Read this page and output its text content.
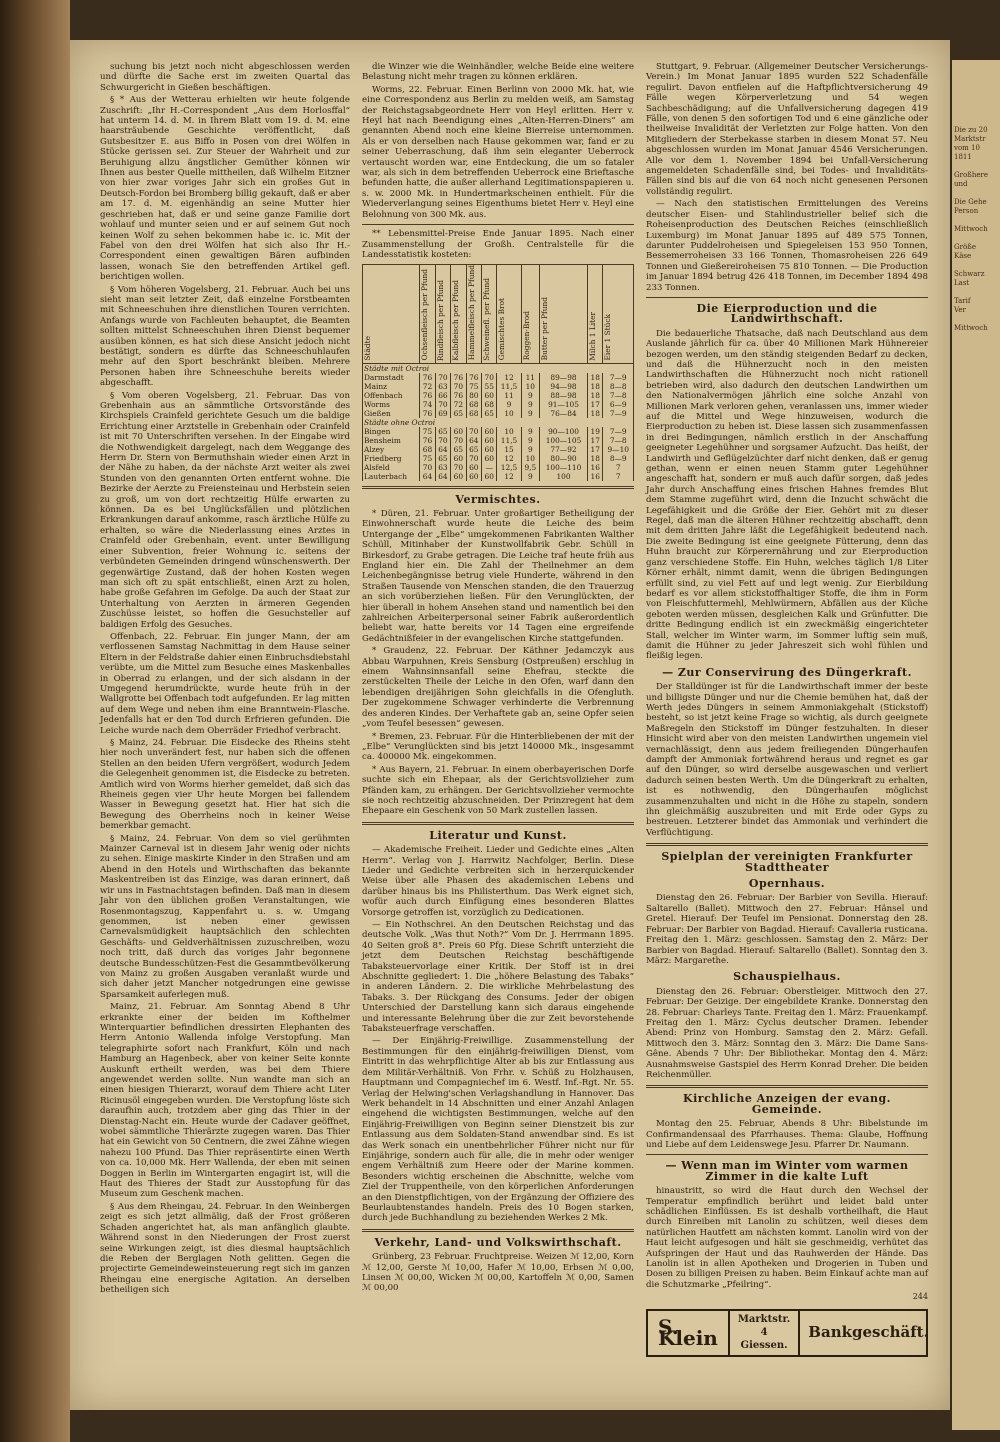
Die zu 20
Marktstr
vom 10
1811

Großhere
und

Die Gehe
Person

Mittwoch

Größe
Käse

Schwarz
Last

Tarif
Ver

Mittwoch

suchung bis jetzt noch nicht abgeschlossen werden und dürfte die Sache erst im zweiten Quartal das Schwurgericht in Gießen beschäftigen.

§ * Aus der Wetterau erhielten wir heute folgende Zuschrift: „Ihr H.-Correspondent „Aus dem Horlosffal“ hat unterm 14. d. M. in Ihrem Blatt vom 19. d. M. eine haarsträubende Geschichte veröffentlicht, daß Gutsbesitzer E. aus Biffo in Posen von drei Wölfen in Stücke gerissen sei. Zur Steuer der Wahrheit und zur Beruhigung allzu ängstlicher Gemüther können wir Ihnen aus bester Quelle mittheilen, daß Wilhelm Eitzner von hier zwar voriges Jahr sich ein großes Gut in Deutsch-Fordon bei Bromberg billig gekauft, daß er aber am 17. d. M. eigenhändig an seine Mutter hier geschrieben hat, daß er und seine ganze Familie dort wohlauf und munter seien und er auf seinem Gut noch keinen Wolf zu sehen bekommen habe ic. ic. Mit der Fabel von den drei Wölfen hat sich also Ihr H.-Correspondent einen gewaltigen Bären aufbinden lassen, wonach Sie den betreffenden Artikel gefl. berichtigen wollen.

§ Vom höheren Vogelsberg, 21. Februar. Auch bei uns sieht man seit letzter Zeit, daß einzelne Forstbeamten mit Schneeschuhen ihre dienstlichen Touren verrichten. Anfangs wurde von Fachleuten behauptet, die Beamten sollten mittelst Schneeschuhen ihren Dienst bequemer ausüben können, es hat sich diese Ansicht jedoch nicht bestätigt, sondern es dürfte das Schneeschuhlaufen mehr auf den Sport beschränkt bleiben. Mehrere Personen haben ihre Schneeschuhe bereits wieder abgeschafft.

§ Vom oberen Vogelsberg, 21. Februar. Das von Grebenhain aus an sämmtliche Ortsvorstände des Kirchspiels Crainfeld gerichtete Gesuch um die baldige Errichtung einer Arztstelle in Grebenhain oder Crainfeld ist mit 70 Unterschriften versehen. In der Eingabe wird die Nothwendigkeit dargelegt, nach dem Weggange des Herrn Dr. Stern von Bermuthshain wieder einen Arzt in der Nähe zu haben, da der nächste Arzt weiter als zwei Stunden von den genannten Orten entfernt wohne. Die Bezirke der Aerzte zu Freiensteinau und Herbstein seien zu groß, um von dort rechtzeitig Hülfe erwarten zu können. Da es bei Unglücksfällen und plötzlichen Erkrankungen darauf ankomme, rasch ärztliche Hülfe zu erhalten, so wäre die Niederlassung eines Arztes in Crainfeld oder Grebenhain, event. unter Bewilligung einer Subvention, freier Wohnung ic. seitens der verbündeten Gemeinden dringend wünschenswerth. Der gegenwärtige Zustand, daß der hohen Kosten wegen man sich oft zu spät entschließt, einen Arzt zu holen, habe große Gefahren im Gefolge. Da auch der Staat zur Unterhaltung von Aerzten in ärmeren Gegenden Zuschüsse leistet, so hoffen die Gesuchsteller auf baldigen Erfolg des Gesuches.

Offenbach, 22. Februar. Ein junger Mann, der am verflossenen Samstag Nachmittag in dem Hause seiner Eltern in der Feldstraße dahier einen Einbruchsdiebstahl verübte, um die Mittel zum Besuche eines Maskenballes in Oberrad zu erlangen, und der sich alsdann in der Umgegend herumdrückte, wurde heute früh in der Wallgrotte bei Offenbach todt aufgefunden. Er lag mitten auf dem Wege und neben ihm eine Branntwein-Flasche. Jedenfalls hat er den Tod durch Erfrieren gefunden. Die Leiche wurde nach dem Oberräder Friedhof verbracht.

§ Mainz, 24. Februar. Die Eisdecke des Rheins steht hier noch unverändert fest, nur haben sich die offenen Stellen an den beiden Ufern vergrößert, wodurch Jedem die Gelegenheit genommen ist, die Eisdecke zu betreten. Amtlich wird von Worms hierher gemeldet, daß sich das Rheineis gegen vier Uhr heute Morgen bei fallendem Wasser in Bewegung gesetzt hat. Hier hat sich die Bewegung des Oberrheins noch in keiner Weise bemerkbar gemacht.

§ Mainz, 24. Februar. Von dem so viel gerühmten Mainzer Carneval ist in diesem Jahr wenig oder nichts zu sehen. Einige maskirte Kinder in den Straßen und am Abend in den Hotels und Wirthschaften das bekannte Maskentreiben ist das Einzige, was daran erinnert, daß wir uns in Fastnachtstagen befinden. Daß man in diesem Jahr von den üblichen großen Veranstaltungen, wie Rosenmontagszug, Kappenfahrt u. s. w. Umgang genommen, ist neben einer gewissen Carnevalsmüdigkeit hauptsächlich den schlechten Geschäfts- und Geldverhältnissen zuzuschreiben, wozu noch tritt, daß durch das voriges Jahr begonnene deutsche Bundesschützen-Fest die Gesammtbevölkerung von Mainz zu großen Ausgaben veranlaßt wurde und sich daher jetzt Mancher notgedrungen eine gewisse Sparsamkeit auferlegen muß.

Mainz, 21. Februar. Am Sonntag Abend 8 Uhr erkrankte einer der beiden im Kofthelmer Winterquartier befindlichen dressirten Elephanten des Herrn Antonio Wallenda infolge Verstopfung. Man telegraphirte sofort nach Frankfurt, Köln und nach Hamburg an Hagenbeck, aber von keiner Seite konnte Auskunft ertheilt werden, was bei dem Thiere angewendet werden sollte. Nun wandte man sich an einen hiesigen Thierarzt, worauf dem Thiere acht Liter Ricinusöl eingegeben wurden. Die Verstopfung löste sich daraufhin auch, trotzdem aber ging das Thier in der Dienstag-Nacht ein. Heute wurde der Cadaver geöffnet, wobei sämmtliche Thierärzte zugegen waren. Das Thier hat ein Gewicht von 50 Centnern, die zwei Zähne wiegen nahezu 100 Pfund. Das Thier repräsentirte einen Werth von ca. 10,000 Mk. Herr Wallenda, der eben mit seinen Doggen in Berlin im Wintergarten engagirt ist, will die Haut des Thieres der Stadt zur Ausstopfung für das Museum zum Geschenk machen.

§ Aus dem Rheingau, 24. Februar. In den Weinbergen zeigt es sich jetzt allmälig, daß der Frost größeren Schaden angerichtet hat, als man anfänglich glaubte. Während sonst in den Niederungen der Frost zuerst seine Wirkungen zeigt, ist dies diesmal hauptsächlich die Reben der Berglagen Noth gelitten. Gegen die projectirte Gemeindeweinsteuerung regt sich im ganzen Rheingau eine energische Agitation. An derselben betheiligen sich

die Winzer wie die Weinhändler, welche Beide eine weitere Belastung nicht mehr tragen zu können erklären.

Worms, 22. Februar. Einen Berlinn von 2000 Mk. hat, wie eine Correspondenz aus Berlin zu melden weiß, am Samstag der Reichstagsabgeordnete Herr von Heyl erlitten. Herr v. Heyl hat nach Beendigung eines „Alten-Herren-Diners“ am genannten Abend noch eine kleine Bierreise unternommen. Als er von derselben nach Hause gekommen war, fand er zu seiner Ueberraschung, daß ihm sein eleganter Ueberrock vertauscht worden war, eine Entdeckung, die um so fataler war, als sich in dem betreffenden Ueberrock eine Brieftasche befunden hatte, die außer allerhand Legitimationspapieren u. s. w. 2000 Mk. in Hundertmarkscheinen enthielt. Für die Wiederverlangung seines Eigenthums bietet Herr v. Heyl eine Belohnung von 300 Mk. aus.

** Lebensmittel-Preise Ende Januar 1895. Nach einer Zusammenstellung der Großh. Centralstelle für die Landesstatistik kosteten:

Städte	Ochsenfleisch per Pfund	Rindfleisch per Pfund	Kalbfleisch per Pfund	Hammelfleisch per Pfund	Schweinefl. per Pfund	Gemischtes Brot	Roggen-Brod	Butter per Pfund	Milch 1 Liter	Eier 1 Stück
Städte mit Octroi										
Darmstadt	76	70	76	76	70	12	11	89—98	18	7—9
Mainz	72	63	70	75	55	11,5	10	94—98	18	8—8
Offenbach	76	66	76	80	60	11	9	88—98	18	7—8
Worms	74	70	72	68	68	9	9	91—105	17	6—9
Gießen	76	69	65	68	65	10	9	76—84	18	7—9
Städte ohne Octroi										
Bingen	75	65	60	70	60	10	9	90—100	19	7—9
Bensheim	76	70	70	64	60	11,5	9	100—105	17	7—8
Alzey	68	64	65	65	60	15	9	77—92	17	9—10
Friedberg	75	65	60	70	60	12	10	80—90	18	8—9
Alsfeld	70	63	70	60	—	12,5	9,5	100—110	16	7
Lauterbach	64	64	60	60	60	12	9	100	16	7
Vermischtes.

* Düren, 21. Februar. Unter großartiger Betheiligung der Einwohnerschaft wurde heute die Leiche des beim Untergange der „Elbe“ umgekommenen Fabrikanten Walther Schüll, Mitinhaber der Kunstwollfabrik Gebr. Schüll in Birkesdorf, zu Grabe getragen. Die Leiche traf heute früh aus England hier ein. Die Zahl der Theilnehmer an dem Leichenbegängnisse betrug viele Hunderte, während in den Straßen Tausende von Menschen standen, die den Trauerzug an sich vorüberziehen ließen. Für den Verunglückten, der hier überall in hohem Ansehen stand und namentlich bei den zahlreichen Arbeiterpersonal seiner Fabrik außerordentlich beliebt war, hatte bereits vor 14 Tagen eine ergreifende Gedächtnißfeier in der evangelischen Kirche stattgefunden.

* Graudenz, 22. Februar. Der Käthner Jedamczyk aus Abbau Warpuhnen, Kreis Sensburg (Ostpreußen) erschlug in einem Wahnsinnsanfall seine Ehefrau, steckte die zerstückelten Theile der Leiche in den Ofen, warf dann den lebendigen dreijährigen Sohn gleichfalls in die Ofengluth. Der zugekommene Schwager verhinderte die Verbrennung des anderen Kindes. Der Verhaftete gab an, seine Opfer seien „vom Teufel besessen“ gewesen.

* Bremen, 23. Februar. Für die Hinterbliebenen der mit der „Elbe“ Verunglückten sind bis jetzt 140000 Mk., insgesammt ca. 400000 Mk. eingekommen.

* Aus Bayern, 21. Februar. In einem oberbayerischen Dorfe suchte sich ein Ehepaar, als der Gerichtsvollzieher zum Pfänden kam, zu erhängen. Der Gerichtsvollzieher vermochte sie noch rechtzeitig abzuschneiden. Der Prinzregent hat dem Ehepaare ein Geschenk von 50 Mark zustellen lassen.

Literatur und Kunst.

— Akademische Freiheit. Lieder und Gedichte eines „Alten Herrn“. Verlag von J. Harrwitz Nachfolger, Berlin. Diese Lieder und Gedichte verbreiten sich in herzerquickender Weise über alle Phasen des akademischen Lebens und darüber hinaus bis ins Philisterthum. Das Werk eignet sich, wofür auch durch Einfügung eines besonderen Blattes Vorsorge getroffen ist, vorzüglich zu Dedicationen.

— Ein Nothschrei. An den Deutschen Reichstag und das deutsche Volk. „Was thut Noth?“ Vom Dr. J. Herrmann 1895. 40 Seiten groß 8°. Preis 60 Pfg. Diese Schrift unterzieht die jetzt dem Deutschen Reichstag beschäftigende Tabaksteuervorlage einer Kritik. Der Stoff ist in drei Abschnitte gegliedert: 1. Die „höhere Belastung des Tabaks“ in anderen Ländern. 2. Die wirkliche Mehrbelastung des Tabaks. 3. Der Rückgang des Consums. Jeder der obigen Unterschied der Darstellung kann sich daraus eingehende und interessante Belehrung über die zur Zeit bevorstehende Tabaksteuerfrage verschaffen.

— Der Einjährig-Freiwillige. Zusammenstellung der Bestimmungen für den einjährig-freiwilligen Dienst, vom Eintritt in das wehrpflichtige Alter ab bis zur Entlassung aus dem Militär-Verhältniß. Von Frhr. v. Schüß zu Holzhausen, Hauptmann und Compagniechef im 6. Westf. Inf.-Rgt. Nr. 55. Verlag der Helwing'schen Verlagshandlung in Hannover. Das Werk behandelt in 14 Abschnitten und einer Anzahl Anlagen eingehend die wichtigsten Bestimmungen, welche auf den Einjährig-Freiwilligen von Beginn seiner Dienstzeit bis zur Entlassung aus dem Soldaten-Stand anwendbar sind. Es ist das Werk sonach ein unentbehrlicher Führer nicht nur für Einjährige, sondern auch für alle, die in mehr oder weniger engem Verhältniß zum Heere oder der Marine kommen. Besonders wichtig erscheinen die Abschnitte, welche vom Ziel der Truppentheile, von den körperlichen Anforderungen an den Dienstpflichtigen, von der Ergänzung der Offiziere des Beurlaubtenstandes handeln. Preis des 10 Bogen starken, durch jede Buchhandlung zu beziehenden Werkes 2 Mk.

Verkehr, Land- und Volkswirthschaft.

Grünberg, 23 Februar. Fruchtpreise. Weizen ℳ 12,00, Korn ℳ 12,00, Gerste ℳ 10,00, Hafer ℳ 10,00, Erbsen ℳ 0,00, Linsen ℳ 00,00, Wicken ℳ 00,00, Kartoffeln ℳ 0,00, Samen ℳ 00,00

Stuttgart, 9. Februar. (Allgemeiner Deutscher Versicherungs-Verein.) Im Monat Januar 1895 wurden 522 Schadenfälle regulirt. Davon entfielen auf die Haftpflichtversicherung 49 Fälle wegen Körperverletzung und 54 wegen Sachbeschädigung; auf die Unfallversicherung dagegen 419 Fälle, von denen 5 den sofortigen Tod und 6 eine gänzliche oder theilweise Invalidität der Verletzten zur Folge hatten. Von den Mitgliedern der Sterbekasse starben in diesem Monat 57. Neu abgeschlossen wurden im Monat Januar 4546 Versicherungen. Alle vor dem 1. November 1894 bei Unfall-Versicherung angemeldeten Schadenfälle sind, bei Todes- und Invaliditäts-Fällen sind bis auf die von 64 noch nicht genesenen Personen vollständig regulirt.

— Nach den statistischen Ermittelungen des Vereins deutscher Eisen- und Stahlindustrieller belief sich die Roheisenproduction des Deutschen Reiches (einschließlich Luxemburg) im Monat Januar 1895 auf 489 575 Tonnen, darunter Puddelroheisen und Spiegeleisen 153 950 Tonnen, Bessemerroheisen 33 166 Tonnen, Thomasroheisen 226 649 Tonnen und Gießereiroheisen 75 810 Tonnen. — Die Production im Januar 1894 betrug 426 418 Tonnen, im December 1894 498 233 Tonnen.

Die Eierproduction und die Landwirthschaft.

Die bedauerliche Thatsache, daß nach Deutschland aus dem Auslande jährlich für ca. über 40 Millionen Mark Hühnereier bezogen werden, um den ständig steigenden Bedarf zu decken, und daß die Hühnerzucht noch in den meisten Landwirthschaften die Hühnerzucht noch nicht rationell betrieben wird, also dadurch den deutschen Landwirthen um den Nationalvermögen jährlich eine solche Anzahl von Millionen Mark verloren gehen, veranlassen uns, immer wieder auf die Mittel und Wege hinzuweisen, wodurch die Eierproduction zu heben ist. Diese lassen sich zusammenfassen in drei Bedingungen, nämlich erstlich in der Anschaffung geeigneter Legehühner und sorgsamer Aufzucht. Das heißt, der Landwirth und Geflügelzüchter darf nicht denken, daß er genug gethan, wenn er einen neuen Stamm guter Legehühner angeschafft hat, sondern er muß auch dafür sorgen, daß jedes Jahr durch Anschaffung eines frischen Hahnes fremdes Blut dem Stamme zugeführt wird, denn die Inzucht schwächt die Legefähigkeit und die Größe der Eier. Gehört mit zu dieser Regel, daß man die älteren Hühner rechtzeitig abschafft, denn mit dem dritten Jahre läßt die Legefähigkeit bedeutend nach. Die zweite Bedingung ist eine geeignete Fütterung, denn das Huhn braucht zur Körperernährung und zur Eierproduction ganz verschiedene Stoffe. Ein Huhn, welches täglich 1/8 Liter Körner erhält, nimmt damit, wenn die übrigen Bedingungen erfüllt sind, zu viel Fett auf und legt wenig. Zur Eierbildung bedarf es vor allem stickstoffhaltiger Stoffe, die ihm in Form von Fleischfuttermehl, Mehlwürmern, Abfällen aus der Küche geboten werden müssen, desgleichen Kalk und Grünfutter. Die dritte Bedingung endlich ist ein zweckmäßig eingerichteter Stall, welcher im Winter warm, im Sommer luftig sein muß, damit die Hühner zu jeder Jahreszeit sich wohl fühlen und fleißig legen.

— Zur Conservirung des Düngerkraft.

Der Stalldünger ist für die Landwirthschaft immer der beste und billigste Dünger und nur die Chemie bemühen hat, daß der Werth jedes Düngers in seinem Ammoniakgehalt (Stickstoff) besteht, so ist jetzt keine Frage so wichtig, als durch geeignete Maßregeln den Stickstoff im Dünger festzuhalten. In dieser Hinsicht wird aber von den meisten Landwirthen ungemein viel vernachlässigt, denn aus jedem freiliegenden Düngerhaufen dampft der Ammoniak fortwährend heraus und regnet es gar auf den Dünger, so wird derselbe ausgewaschen und verliert dadurch seinen besten Werth. Um die Düngerkraft zu erhalten, ist es nothwendig, den Düngerhaufen möglichst zusammenzuhalten und nicht in die Höhe zu stapeln, sondern ihn gleichmäßig auszubreiten und mit Erde oder Gyps zu bestreuen. Letzterer bindet das Ammoniak und verhindert die Verflüchtigung.

Spielplan der vereinigten Frankfurter Stadttheater
Opernhaus.

Dienstag den 26. Februar: Der Barbier von Sevilla. Hierauf: Saltarello (Ballet). Mittwoch den 27. Februar: Hänsel und Gretel. Hierauf: Der Teufel im Pensionat. Donnerstag den 28. Februar: Der Barbier von Bagdad. Hierauf: Cavalleria rusticana. Freitag den 1. März: geschlossen. Samstag den 2. März: Der Barbier von Bagdad. Hierauf: Saltarello (Ballet). Sonntag den 3. März: Margarethe.

Schauspielhaus.

Dienstag den 26. Februar: Oberstleiger. Mittwoch den 27. Februar: Der Geizige. Der eingebildete Kranke. Donnerstag den 28. Februar: Charleys Tante. Freitag den 1. März: Frauenkampf. Freitag den 1. März: Cyclus deutscher Dramen. Iebender Abend: Prinz von Homburg. Samstag den 2. März: Gefall. Mittwoch den 3. März: Sonntag den 3. März: Die Dame Sans-Gêne. Abends 7 Uhr: Der Bibliothekar. Montag den 4. März: Ausnahmsweise Gastspiel des Herrn Konrad Dreher. Die beiden Reichenmüller.

Kirchliche Anzeigen der evang. Gemeinde.

Montag den 25. Februar, Abends 8 Uhr: Bibelstunde im Confirmandensaal des Pfarrhauses. Thema: Glaube, Hoffnung und Liebe auf dem Leidenswege Jesu. Pfarrer Dr. Naumann.

— Wenn man im Winter vom warmen Zimmer in die kalte Luft

hinaustritt, so wird die Haut durch den Wechsel der Temperatur empfindlich berührt und leidet bald unter schädlichen Einflüssen. Es ist deshalb vortheilhaft, die Haut durch Einreiben mit Lanolin zu schützen, weil dieses dem natürlichen Hautfett am nächsten kommt. Lanolin wird von der Haut leicht aufgesogen und hält sie geschmeidig, verhütet das Aufspringen der Haut und das Rauhwerden der Hände. Das Lanolin ist in allen Apotheken und Drogerien in Tuben und Dosen zu billigen Preisen zu haben. Beim Einkauf achte man auf die Schutzmarke „Pfeilring“.

244
S. Klein
Marktstr. 4
Giessen.
Bankgeschäft.
